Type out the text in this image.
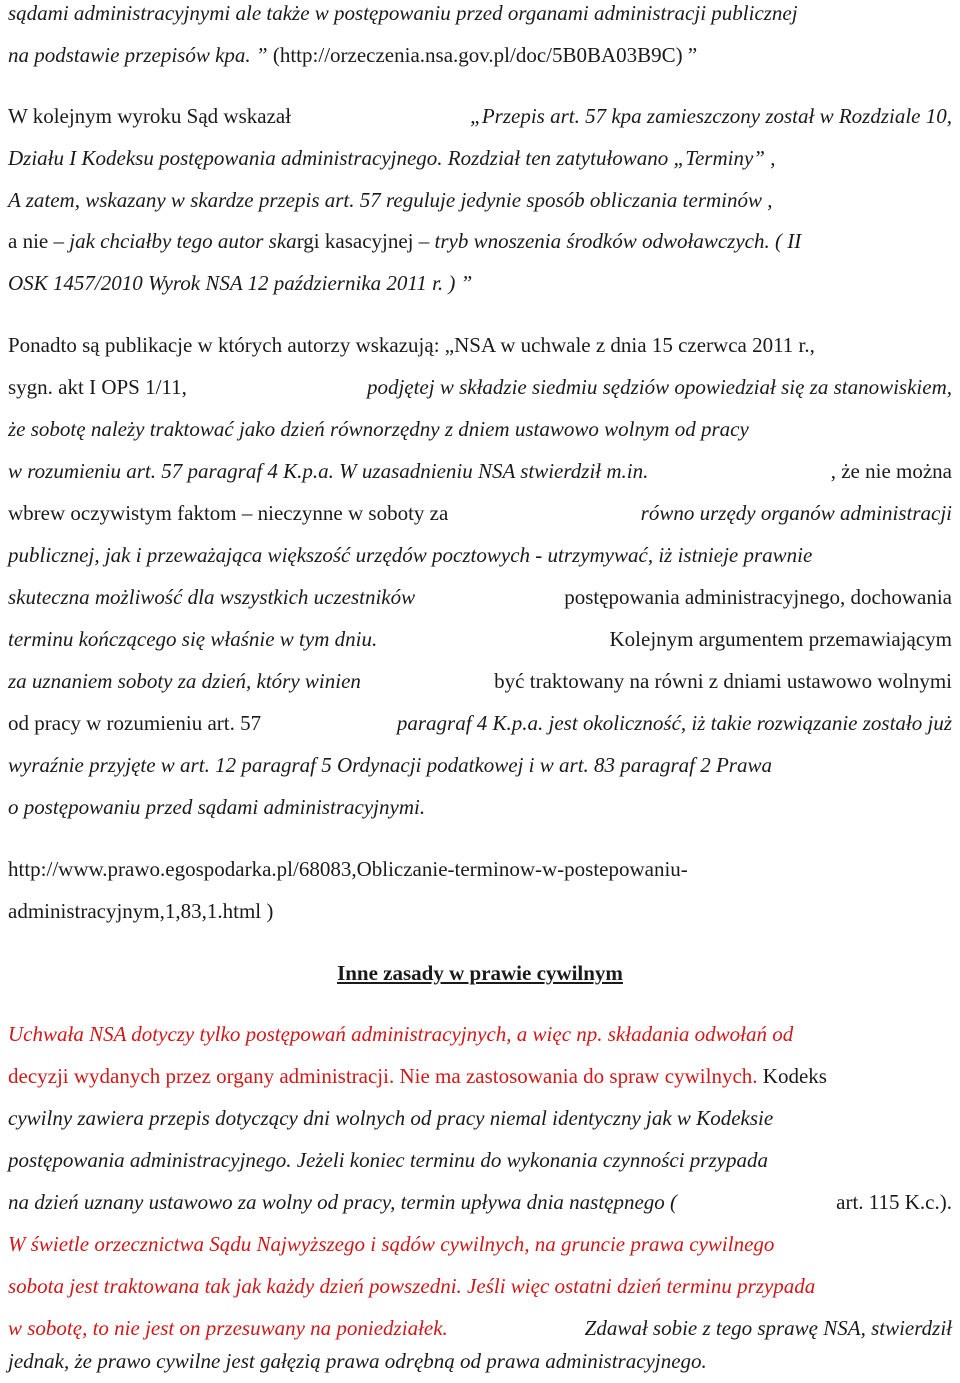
sądami administracyjnymi ale także w postępowaniu przed organami administracji publicznej
na podstawie przepisów kpa. ” (http://orzeczenia.nsa.gov.pl/doc/5B0BA03B9C) ”
W kolejnym wyroku Sąd wskazał	„Przepis art. 57 kpa zamieszczony został w Rozdziale 10,
Działu I Kodeksu postępowania administracyjnego. Rozdział ten zatytułowano „Terminy” ,
A zatem, wskazany w skardze przepis art. 57 reguluje jedynie sposób obliczania terminów ,
a nie – jak chciałby tego autor skargi kasacyjnej – tryb wnoszenia środków odwoławczych. ( II
OSK 1457/2010 Wyrok NSA 12 października 2011 r. ) ”
Ponadto są publikacje w których autorzy wskazują: „NSA w uchwale z dnia 15 czerwca 2011 r.,
sygn. akt I OPS 1/11,	podjętej w składzie siedmiu sędziów opowiedział się za stanowiskiem,
że sobotę należy traktować jako dzień równorzędny z dniem ustawowo wolnym od pracy
w rozumieniu art. 57 paragraf 4 K.p.a. W uzasadnieniu NSA stwierdził m.in.	, że nie można
wbrew oczywistym faktom – nieczynne w soboty za	równo urzędy organów administracji
publicznej, jak i przeważająca większość urzędów pocztowych - utrzymywać, iż istnieje prawnie
skuteczna możliwość dla wszystkich uczestników	postępowania administracyjnego, dochowania
terminu kończącego się właśnie w tym dniu.	Kolejnym argumentem przemawiającym
za uznaniem soboty za dzień, który winien	być traktowany na równi z dniami ustawowo wolnymi
od pracy w rozumieniu art. 57	paragraf 4 K.p.a. jest okoliczność, iż takie rozwiązanie zostało już
wyraźnie przyjęte w art. 12 paragraf 5 Ordynacji podatkowej i w art. 83 paragraf 2 Prawa
o postępowaniu przed sądami administracyjnymi.
http://www.prawo.egospodarka.pl/68083,Obliczanie-terminow-w-postepowaniu-
administracyjnym,1,83,1.html )
Inne zasady w prawie cywilnym
Uchwała NSA dotyczy tylko postępowań administracyjnych, a więc np. składania odwołań od
decyzji wydanych przez organy administracji. Nie ma zastosowania do spraw cywilnych. Kodeks
cywilny zawiera przepis dotyczący dni wolnych od pracy niemal identyczny jak w Kodeksie
postępowania administracyjnego. Jeżeli koniec terminu do wykonania czynności przypada
na dzień uznany ustawowo za wolny od pracy, termin upływa dnia następnego (	art. 115 K.c.).
W świetle orzecznictwa Sądu Najwyższego i sądów cywilnych, na gruncie prawa cywilnego
sobota jest traktowana tak jak każdy dzień powszedni. Jeśli więc ostatni dzień terminu przypada
w sobotę, to nie jest on przesuwany na poniedziałek.	Zdawał sobie z tego sprawę NSA, stwierdził
jednak, że prawo cywilne jest gałęzią prawa odrębną od prawa administracyjnego.
